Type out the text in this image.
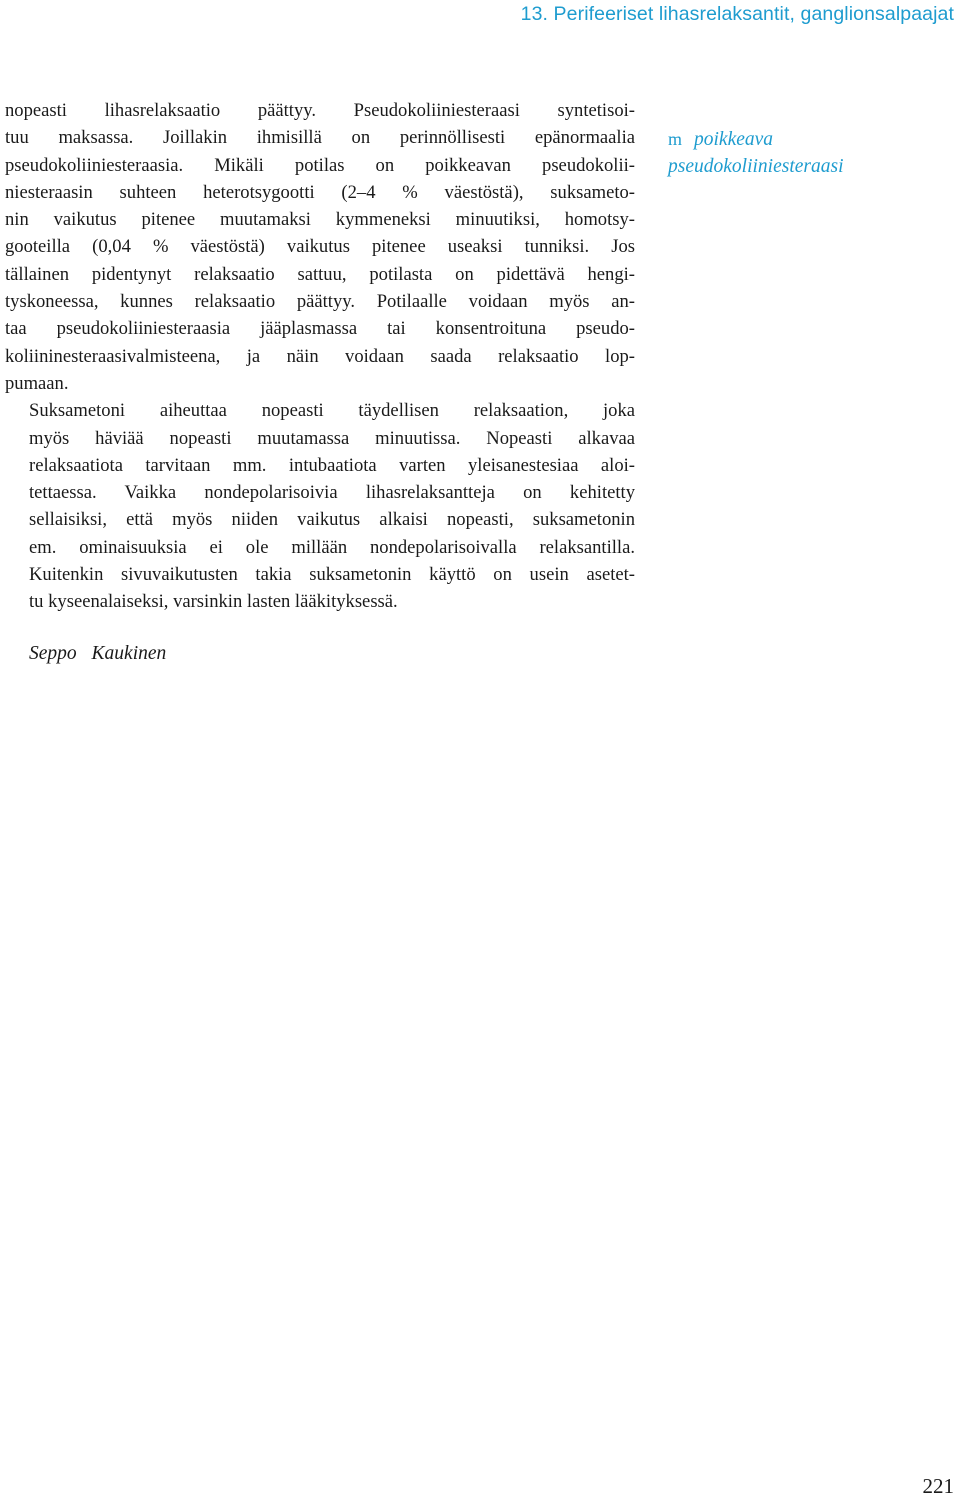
13. Perifeeriset lihasrelaksantit, ganglionsalpaajat

nopeasti lihasrelaksaatio päättyy. Pseudokoliiniesteraasi syntetisoi-
tuu maksassa. Joillakin ihmisillä on perinnöllisesti epänormaalia
pseudokoliiniesteraasia. Mikäli potilas on poikkeavan pseudokolii-
niesteraasin suhteen heterotsygootti (2–4 % väestöstä), suksameto-
nin vaikutus pitenee muutamaksi kymmeneksi minuutiksi, homotsy-
gooteilla (0,04 % väestöstä) vaikutus pitenee useaksi tunniksi. Jos
tällainen pidentynyt relaksaatio sattuu, potilasta on pidettävä hengi-
tyskoneessa, kunnes relaksaatio päättyy. Potilaalle voidaan myös an-
taa pseudokoliiniesteraasia jääplasmassa tai konsentroituna pseudo-
koliininesteraasivalmisteena, ja näin voidaan saada relaksaatio lop-
pumaan.

Suksametoni aiheuttaa nopeasti täydellisen relaksaation, joka
myös häviää nopeasti muutamassa minuutissa. Nopeasti alkavaa
relaksaatiota tarvitaan mm. intubaatiota varten yleisanestesiaa aloi-
tettaessa. Vaikka nondepolarisoivia lihasrelaksantteja on kehitetty
sellaisiksi, että myös niiden vaikutus alkaisi nopeasti, suksametonin
em. ominaisuuksia ei ole millään nondepolarisoivalla relaksantilla.
Kuitenkin sivuvaikutusten takia suksametonin käyttö on usein asetet-
tu kyseenalaiseksi, varsinkin lasten lääkityksessä.

m poikkeava
pseudokoliiniesteraasi

Seppo Kaukinen

221
